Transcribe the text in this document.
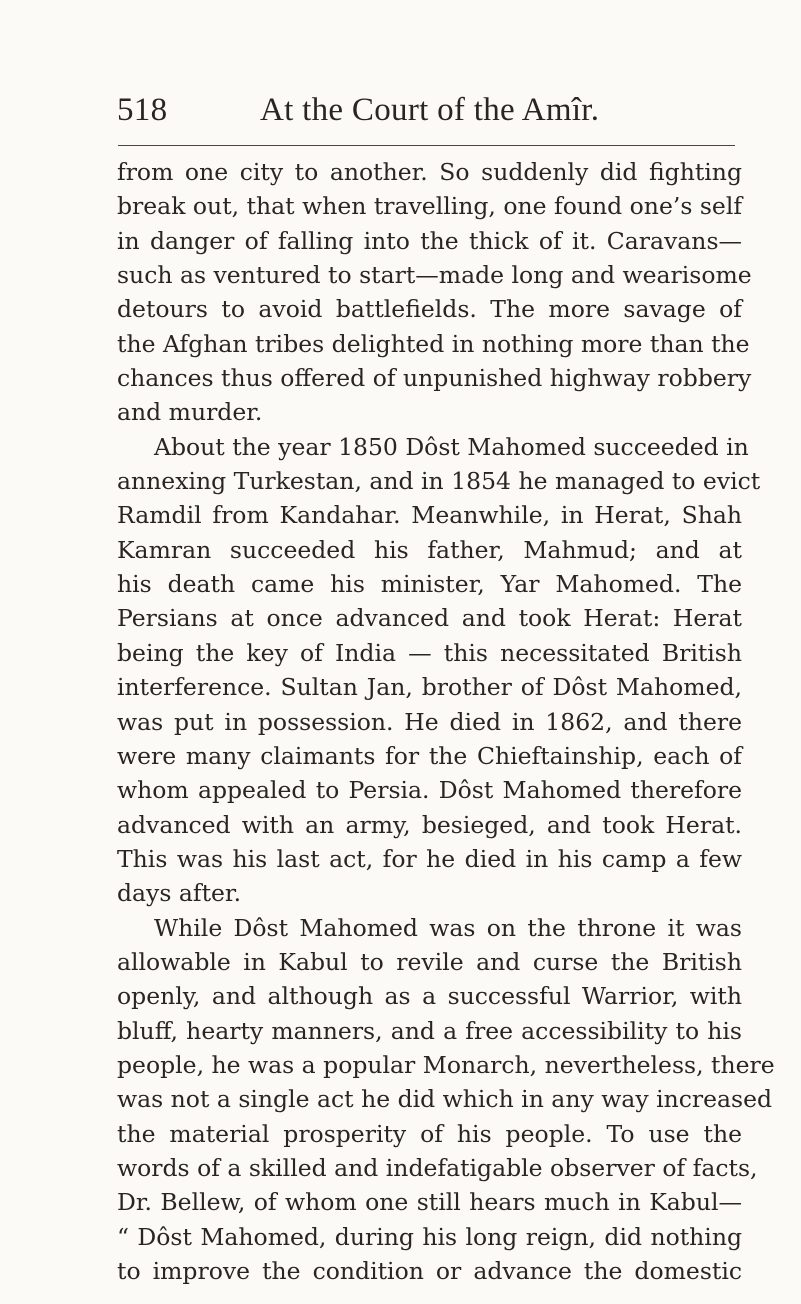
518	At the Court of the Amîr.
from one city to another. So suddenly did fighting
break out, that when travelling, one found one’s self
in danger of falling into the thick of it. Caravans—
such as ventured to start—made long and wearisome
detours to avoid battlefields. The more savage of
the Afghan tribes delighted in nothing more than the
chances thus offered of unpunished highway robbery
and murder.
About the year 1850 Dôst Mahomed succeeded in
annexing Turkestan, and in 1854 he managed to evict
Ramdil from Kandahar. Meanwhile, in Herat, Shah
Kamran succeeded his father, Mahmud; and at
his death came his minister, Yar Mahomed. The
Persians at once advanced and took Herat: Herat
being the key of India — this necessitated British
interference. Sultan Jan, brother of Dôst Mahomed,
was put in possession. He died in 1862, and there
were many claimants for the Chieftainship, each of
whom appealed to Persia. Dôst Mahomed therefore
advanced with an army, besieged, and took Herat.
This was his last act, for he died in his camp a few
days after.
While Dôst Mahomed was on the throne it was
allowable in Kabul to revile and curse the British
openly, and although as a successful Warrior, with
bluff, hearty manners, and a free accessibility to his
people, he was a popular Monarch, nevertheless, there
was not a single act he did which in any way increased
the material prosperity of his people. To use the
words of a skilled and indefatigable observer of facts,
Dr. Bellew, of whom one still hears much in Kabul—
“ Dôst Mahomed, during his long reign, did nothing
to improve the condition or advance the domestic
